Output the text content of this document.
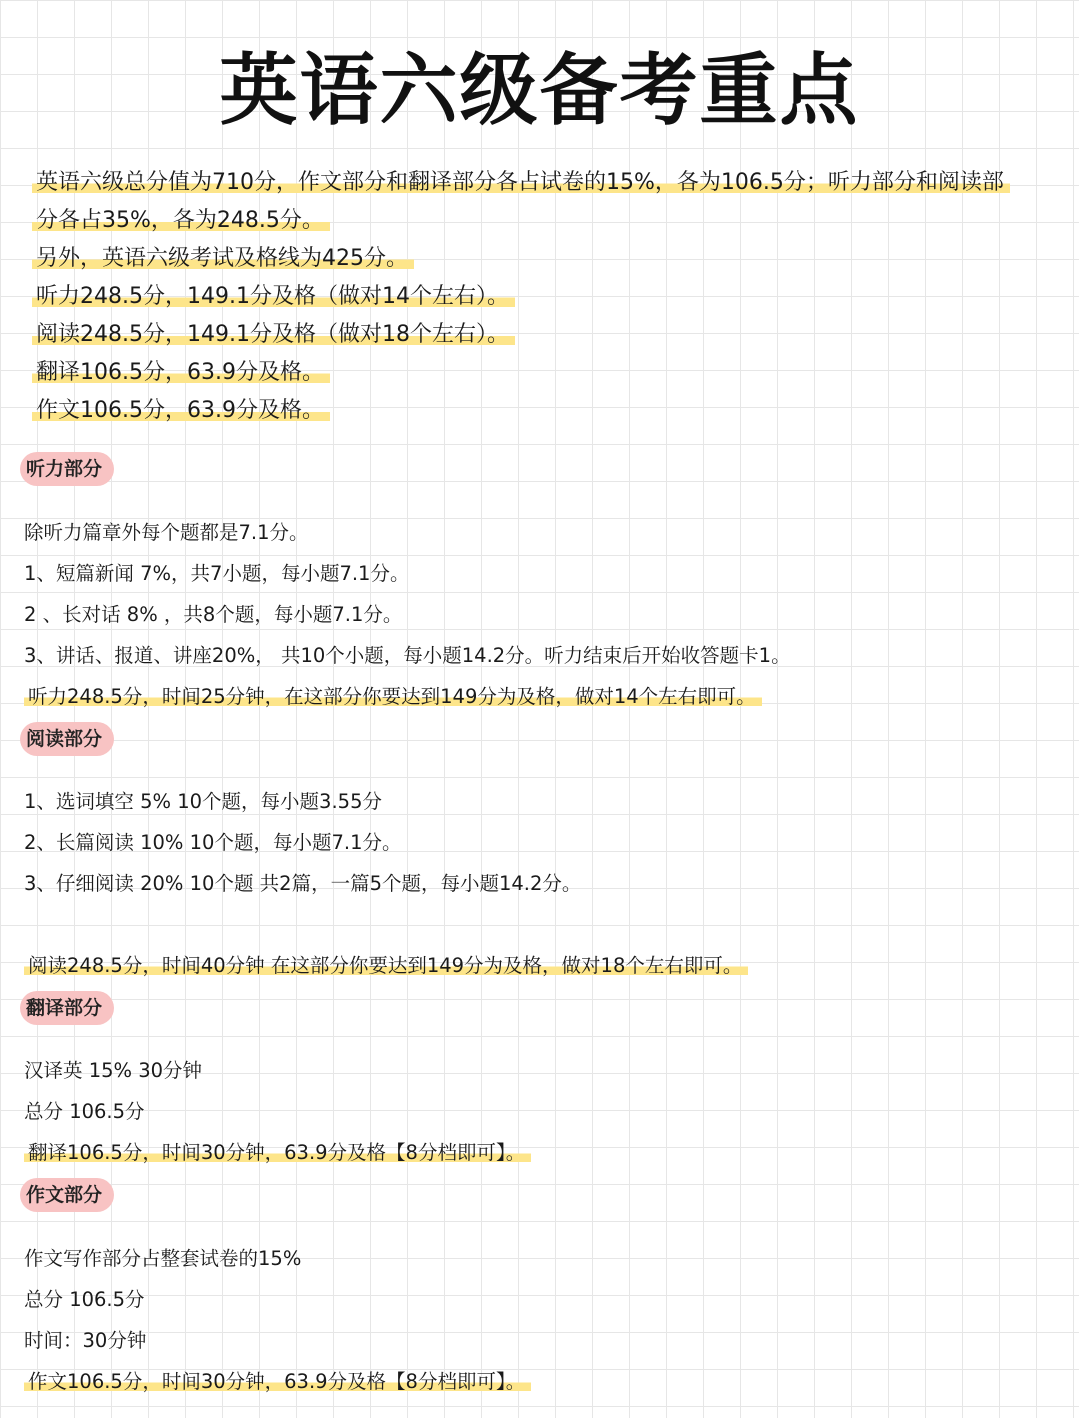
英语六级备考重点
英语六级总分值为710分，作文部分和翻译部分各占试卷的15%，各为106.5分；听力部分和阅读部
分各占35%，各为248.5分。
另外，英语六级考试及格线为425分。
听力248.5分，149.1分及格（做对14个左右）。
阅读248.5分，149.1分及格（做对18个左右）。
翻译106.5分，63.9分及格。
作文106.5分，63.9分及格。
听力部分
除听力篇章外每个题都是7.1分。
1、短篇新闻 7%，共7小题，每小题7.1分。
2 、长对话 8% ，共8个题，每小题7.1分。
3、讲话、报道、讲座20%， 共10个小题，每小题14.2分。听力结束后开始收答题卡1。
听力248.5分，时间25分钟，在这部分你要达到149分为及格，做对14个左右即可。
阅读部分
1、选词填空 5% 10个题，每小题3.55分
2、长篇阅读 10% 10个题，每小题7.1分。
3、仔细阅读 20% 10个题 共2篇，一篇5个题，每小题14.2分。
阅读248.5分，时间40分钟 在这部分你要达到149分为及格，做对18个左右即可。
翻译部分
汉译英 15% 30分钟
总分 106.5分
翻译106.5分，时间30分钟，63.9分及格【8分档即可】。
作文部分
作文写作部分占整套试卷的15%
总分 106.5分
时间：30分钟
作文106.5分，时间30分钟，63.9分及格【8分档即可】。
